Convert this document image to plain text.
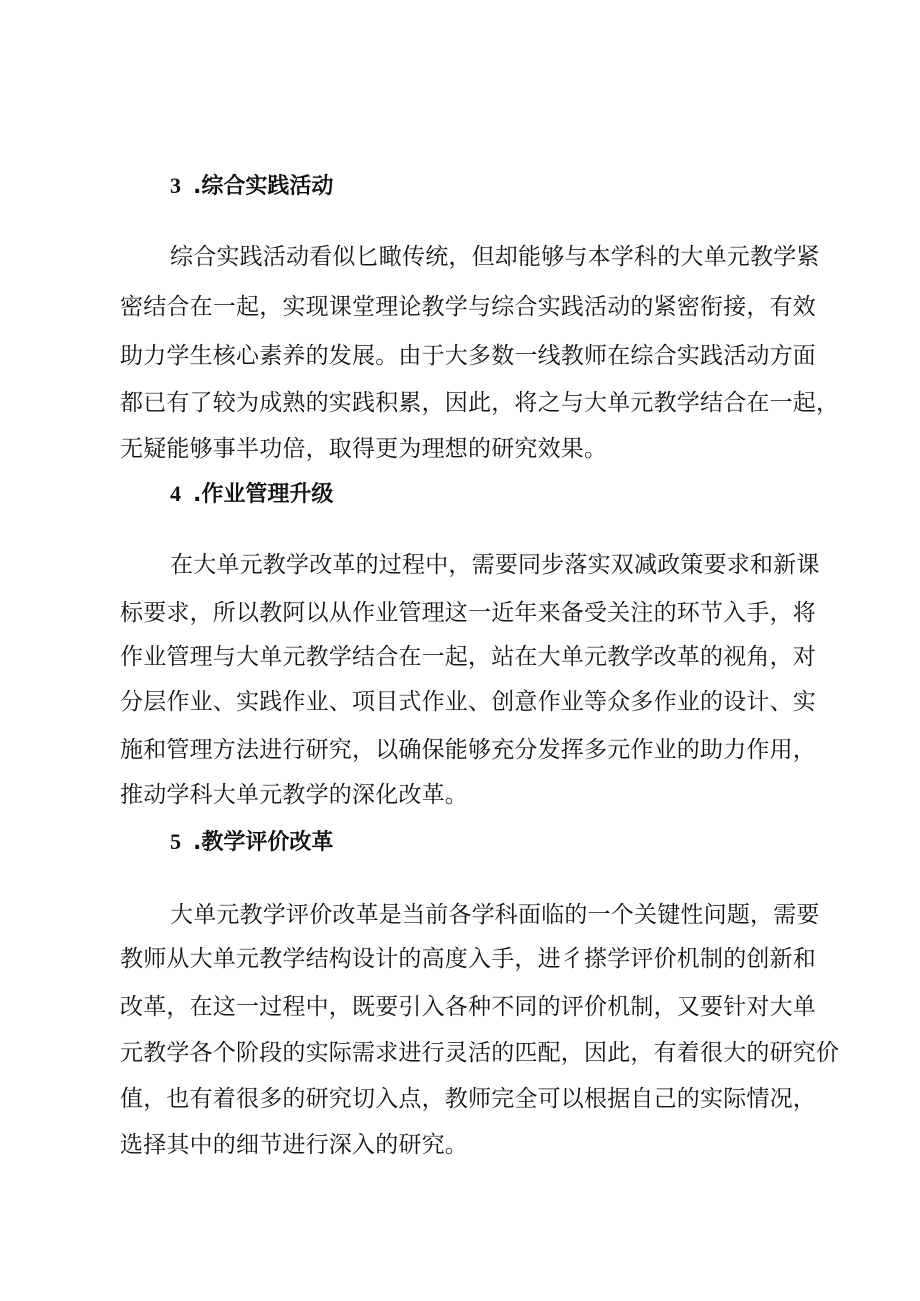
3 .综合实践活动
综合实践活动看似匕瞰传统，但却能够与本学科的大单元教学紧
密结合在一起，实现课堂理论教学与综合实践活动的紧密衔接，有效
助力学生核心素养的发展。由于大多数一线教师在综合实践活动方面
都已有了较为成熟的实践积累，因此，将之与大单元教学结合在一起，
无疑能够事半功倍，取得更为理想的研究效果。
4 .作业管理升级
在大单元教学改革的过程中，需要同步落实双减政策要求和新课
标要求，所以教阿以从作业管理这一近年来备受关注的环节入手，将
作业管理与大单元教学结合在一起，站在大单元教学改革的视角，对
分层作业、实践作业、项目式作业、创意作业等众多作业的设计、实
施和管理方法进行研究，以确保能够充分发挥多元作业的助力作用，
推动学科大单元教学的深化改革。
5 .教学评价改革
大单元教学评价改革是当前各学科面临的一个关键性问题，需要
教师从大单元教学结构设计的高度入手，进彳搽学评价机制的创新和
改革，在这一过程中，既要引入各种不同的评价机制，又要针对大单
元教学各个阶段的实际需求进行灵活的匹配，因此，有着很大的研究价
值，也有着很多的研究切入点，教师完全可以根据自己的实际情况，
选择其中的细节进行深入的研究。
